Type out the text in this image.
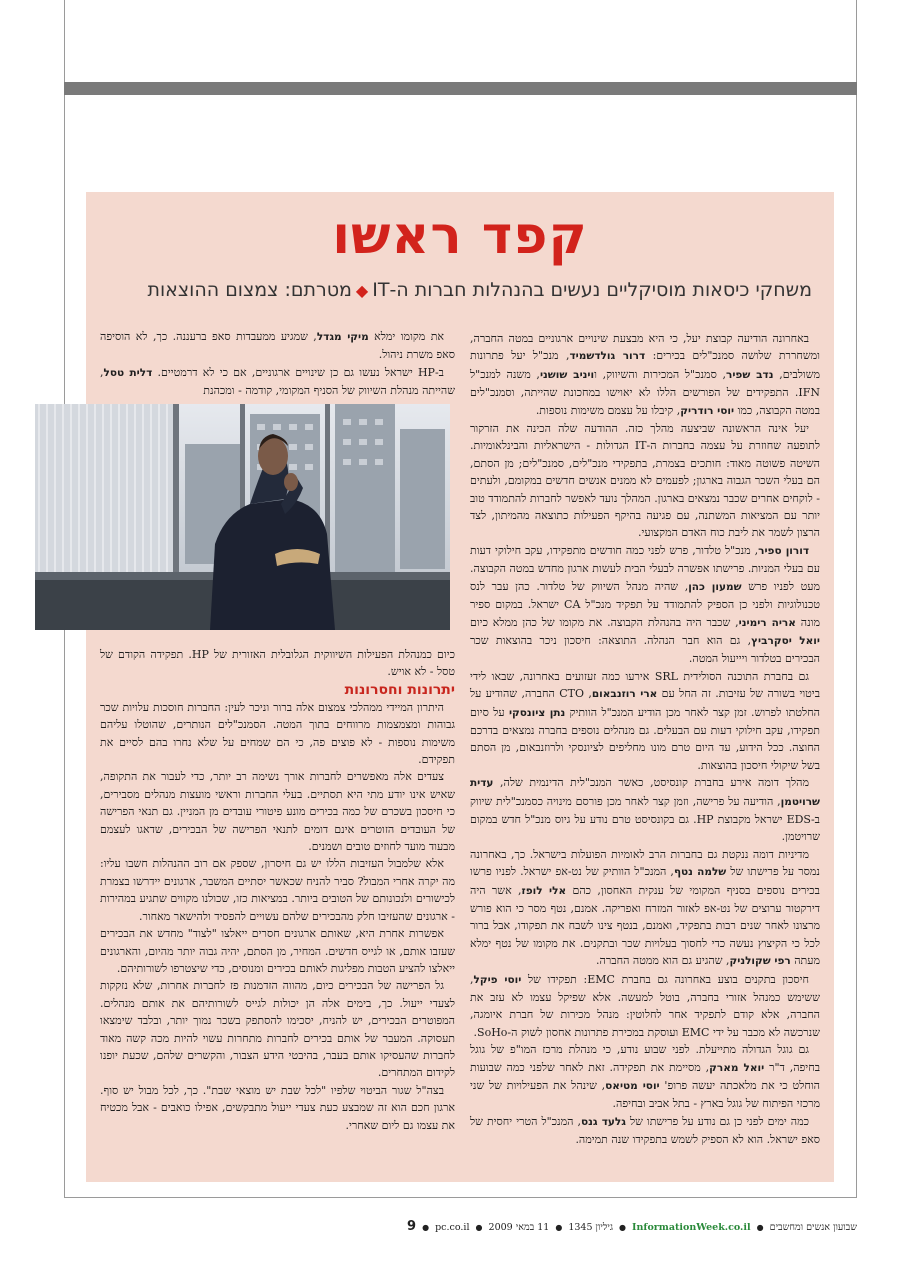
קפד ראשו
משחקי כיסאות מוסיקליים נעשים בהנהלות חברות ה-IT◆מטרתם: צמצום ההוצאות

באחרונה הודיעה קבוצת יעל, כי היא מבצעת שינויים ארגוניים במטה החברה, ומשחררת שלושה סמנכ"לים בכירים: דרור גולדשמיד, מנכ"ל יעל פתרונות משולבים, נדב שפיר, סמנכ"ל המכירות והשיווק, וויניב שושני, משנה למנכ"ל IFN. התפקידים של הפורשים הללו לא יאוישו במחכונת שהייתה, וסמנכ"לים במטה הקבוצה, כמו יוסי רודריק, קיבלו על עצמם משימות נוספות.

יעל אינה הראשונה שביצעה מהלך כזה. ההודעה שלה הכינה את הזרקור לתופעה שחוזרת על עצמה בחברות ה-IT הגדולות - הישראליות והבינלאומיות. השיטה פשוטה מאוד: חותכים בצמרת, בתפקידי מנכ"לים, סמנכ"לים; מן הסתם, הם בעלי השכר הגבוה בארגון; לפעמים לא ממנים אנשים חדשים במקומם, ולעתים - לוקחים אחרים שכבר נמצאים בארגון. המהלך נועד לאפשר לחברות להתמודד טוב יותר עם המציאות המשתנה, עם פגיעה בהיקף הפעילות כתוצאה מהמיתון, לצד הרצון לשמר את ליבת כוח האדם המקצועי.

דורון ספיר, מנכ"ל טלדור, פרש לפני כמה חודשים מתפקידו, עקב חילוקי דעות עם בעלי המניות. פרישתו אפשרה לבעלי הבית לעשות ארגון מחדש במטה הקבוצה. מעט לפניו פרש שמעון כהן, שהיה מנהל השיווק של טלדור. כהן עבר לנס טכנולוגיות ולפני כן הספיק להתמודד על תפקיד מנכ"ל CA ישראל. במקום ספיר מונה אריה רימיני, שכבר היה בהנהלת הקבוצה. את מקומו של כהן ממלא כיום יואל יסקרביץ, גם הוא חבר הנהלה. התוצאה: חיסכון ניכר בהוצאות שכר הבכירים בטלדור ויייעול המטה.

גם בחברת התוכנה הסולידית SRL אירעו כמה זעזועים באחרונה, שבאו לידי ביטוי בשורה של עזיבות. זה החל עם ארי רוזנבאום, CTO החברה, שהודיע על החלטתו לפרוש. זמן קצר לאחר מכן הודיע המנכ"ל הוותיק נתן ציונסקי על סיום תפקידו, עקב חילוקי דעות עם הבעלים. גם מנהלים נוספים בחברה נמצאים בדרכם החוצה. ככל הידוע, עד היום טרם מונו מחליפים לציונסקי ולרוזנבאום, מן הסתם בשל שיקולי חיסכון בהוצאות.

מהלך דומה אירע בחברת קונסיסט, כאשר המנכ"לית הדינמית שלה, עדית שרויטמן, הודיעה על פרישה, וזמן קצר לאחר מכן פורסם מינויה כסמנכ"לית שיווק ב-EDS ישראל מקבוצת HP. גם בקונסיסט טרם נודע על גיוס מנכ"ל חדש במקום שרויטמן.

מדיניות דומה ננקטת גם בחברות הרב לאומיות הפועלות בישראל. כך, באחרונה נמסר על פרישתו של שלמה נטף, המנכ"ל הוותיק של נט-אפ ישראל. לפניו פרשו בכירים נוספים בסניף המקומי של ענקית האחסון, כהם אלי לופז, אשר היה דירקטור ערוצים של נט-אפ לאזור המזרח ואפריקה. אמנם, נטף מסר כי הוא פורש מרצונו לאחר שנים רבות בתפקיד, ואמנם, בנטף צינו לשבח את תפקודו, אבל ברור לכל כי הקיצוץ נעשה כדי לחסוך בעלויות שכר ובתקנים. את מקומו של נטף ימלא מעתה רפי שקולניק, שהגיע גם הוא ממטה החברה.

חיסכון בתקנים בוצע באחרונה גם בחברת EMC: תפקידו של יוסי פיקל, ששימש כמנהל אזורי בחברה, בוטל למעשה. אלא שפיקל עצמו לא עזב את החברה, אלא קודם לתפקיד אחר לחלוטין: מנהל מכירות של חברת איומגה, שנרכשה לא מכבר על ידי EMC ועוסקת במכירת פתרונות אחסון לשוק ה-SoHo.

גם גוגל הגדולה מתייעלת. לפני שבוע נודע, כי מנהלת מרכז המו"פ של גוגל בחיפה, ד"ר יואל מארק, מסיימת את תפקידה. זאת לאחר שלפני כמה שבועות הוחלט כי את מלאכתה יעשה פרופ' יוסי מטיאס, שינהל את הפעילויות של שני מרכזי הפיתוח של גוגל בארץ - בתל אביב ובחיפה.

כמה ימים לפני כן גם נודע על פרישתו של גלעד גנס, המנכ"ל הטרי יחסית של סאפ ישראל. הוא לא הספיק לשמש בתפקידו שנה תמימה.

את מקומו ימלא מיקי מגדל, שמגיע ממעבדות סאפ ברעננה. כך, לא הוסיפה סאפ משרת ניהול.

ב-HP ישראל נעשו גם כן שינויים ארגוניים, אם כי לא דרמטיים. דלית טסל, שהייתה מנהלת השיווק של הסניף המקומי, קודמה - ומכהנת

כיום כמנהלת הפעילות השיווקית הגלובלית האזורית של HP. תפקידה הקודם של טסל - לא אויש.

יתרונות וחסרונות

היתרון המיידי ממהלכי צמצום אלה ברור וניכר לעין: החברות חוסכות עלויות שכר גבוהות ומצמצמות מרווחים בתוך המטה. הסמנכ"לים הנותרים, שהוטלו עליהם משימות נוספות - לא פוצים פה, כי הם שמחים על שלא נחרו בהם לסיים את תפקידם.

צעדים אלה מאפשרים לחברות אורך נשימה רב יותר, כדי לעבור את התקופה, שאיש אינו יודע מתי היא תסתיים. בעלי החברות וראשי מועצות מנהלים מסבירים, כי חיסכון בשכרם של כמה בכירים מונע פיטורי עובדים מן המניין. גם תנאי הפרישה של העובדים הזוטרים אינם דומים לתנאי הפרישה של הבכירים, שדאגו לעצמם מבעוד מועד לחוזים טובים ושמנים.

אלא שלמבול העזיבות הללו יש גם חיסרון, שספק אם רוב ההנהלות חשבו עליו: מה יקרה אחרי המבול? סביר להניח שכאשר יסתיים המשבר, ארגונים יידרשו בצמרת לכישורים ולנכונותם של הטובים ביותר. במציאות כזו, שכולנו מקווים שתגיע במהירות - ארגונים שהעזיבו חלק מהבכירים שלהם עשויים להפסיד ולהישאר מאחור.

אפשרות אחרת היא, שאותם ארגונים חסרים ייאלצו "לצוד" מחדש את הבכירים שעזבו אותם, או לגייס חדשים. המחיר, מן הסתם, יהיה גבוה יותר מהיום, והארגונים ייאלצו להציע הטבות מפליגות לאותם בכירים ומנוסים, כדי שיצטרפו לשורותיהם.

גל הפרישה של הבכירים כיום, מהווה הזדמנות פז לחברות אחרות, שלא נזקקות לצעדי ייעול. כך, בימים אלה הן יכולות לגייס לשורותיהם את אותם מנהלים. המפוטרים הבכירים, יש להניח, יסכימו להסתפק בשכר נמוך יותר, ובלבד שימצאו תעסוקה. המעבר של אותם בכירים לחברות מתחרות עשוי להיות מכה קשה מאוד לחברות שהעסיקו אותם בעבר, בהיבטי הידע הצבור, והקשרים שלהם, שכעת יופנו לקידום המתחרים.

בצה"ל שגור הביטוי שלפיו "לכל שבת יש מוצאי שבת". כך, לכל מבול יש סוף. ארגון חכם הוא זה שמבצע כעת צעדי ייעול מתבקשים, אפילו כואבים - אבל מכטיח את עצמו גם ליום שאחרי.

שבועון אנשים ומחשבים ● InformationWeek.co.il ● גיליון 1345 ● 11 במאי 2009 ● pc.co.il ● 9
